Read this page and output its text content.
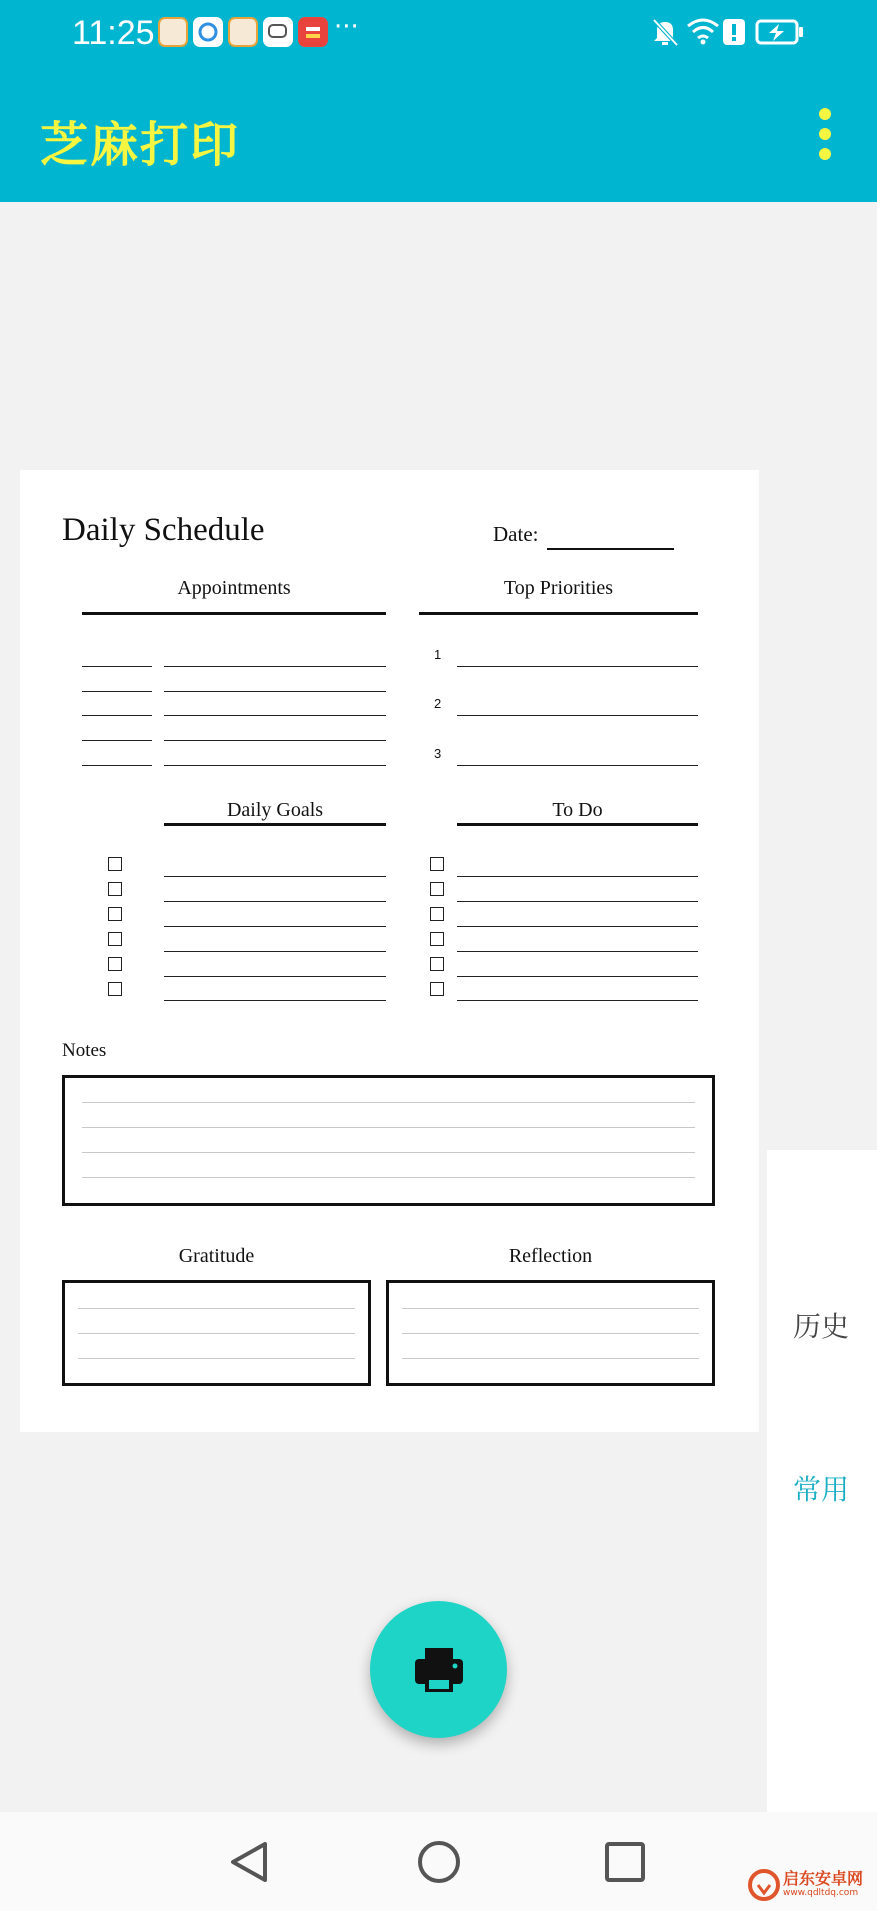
11:25	···
芝麻打印
Daily Schedule	Date:
Appointments	Top Priorities
1
2
3
Daily Goals	To Do
Notes
Gratitude	Reflection
历史
常用
启东安卓网
www.qdltdq.com
